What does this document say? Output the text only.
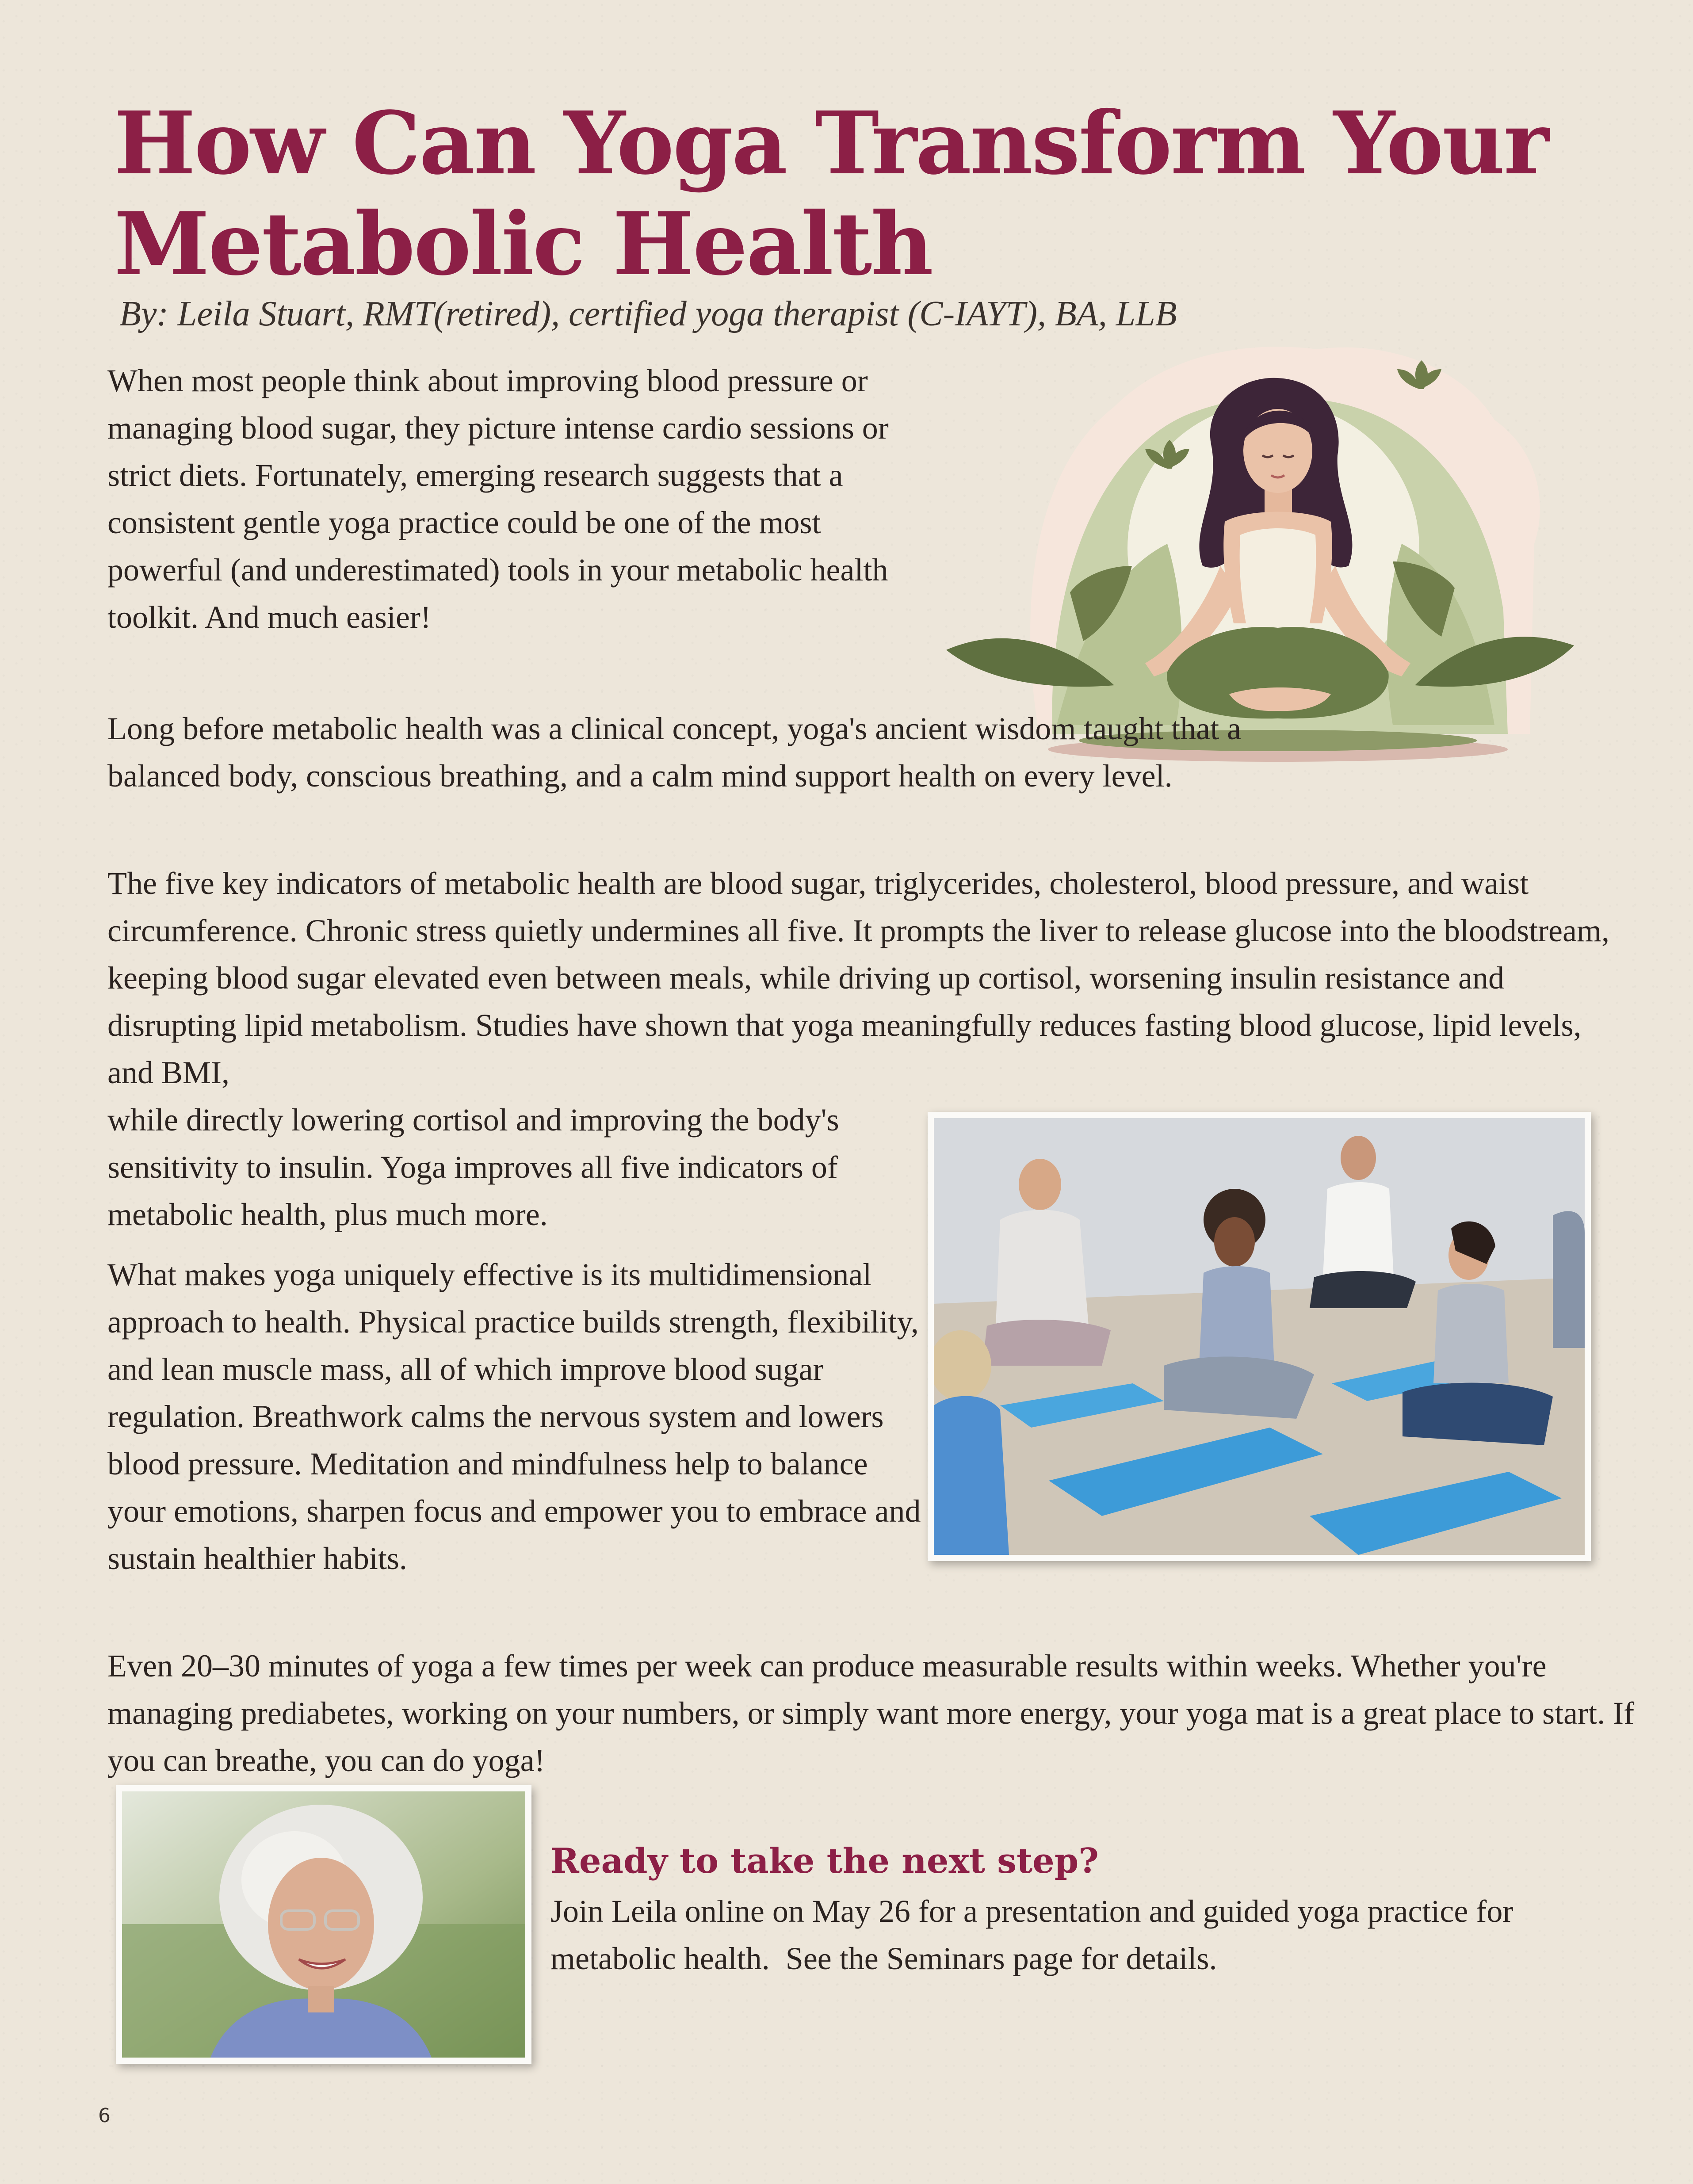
How Can Yoga Transform Your Metabolic Health
By: Leila Stuart, RMT(retired), certified yoga therapist (C-IAYT), BA, LLB

When most people think about improving blood pressure or managing blood sugar, they picture intense cardio sessions or strict diets. Fortunately, emerging research suggests that a consistent gentle yoga practice could be one of the most powerful (and underestimated) tools in your metabolic health toolkit. And much easier!

Long before metabolic health was a clinical concept, yoga's ancient wisdom taught that a balanced body, conscious breathing, and a calm mind support health on every level.

The five key indicators of metabolic health are blood sugar, triglycerides, cholesterol, blood pressure, and waist circumference. Chronic stress quietly undermines all five. It prompts the liver to release glucose into the bloodstream, keeping blood sugar elevated even between meals, while driving up cortisol, worsening insulin resistance and disrupting lipid metabolism. Studies have shown that yoga meaningfully reduces fasting blood glucose, lipid levels, and BMI,

while directly lowering cortisol and improving the body's sensitivity to insulin. Yoga improves all five indicators of metabolic health, plus much more.

What makes yoga uniquely effective is its multidimensional approach to health. Physical practice builds strength, flexibility, and lean muscle mass, all of which improve blood sugar regulation. Breathwork calms the nervous system and lowers blood pressure. Meditation and mindfulness help to balance your emotions, sharpen focus and empower you to embrace and sustain healthier habits.

Even 20–30 minutes of yoga a few times per week can produce measurable results within weeks. Whether you're managing prediabetes, working on your numbers, or simply want more energy, your yoga mat is a great place to start. If you can breathe, you can do yoga!

Ready to take the next step?

Join Leila online on May 26 for a presentation and guided yoga practice for metabolic health.  See the Seminars page for details.

6
